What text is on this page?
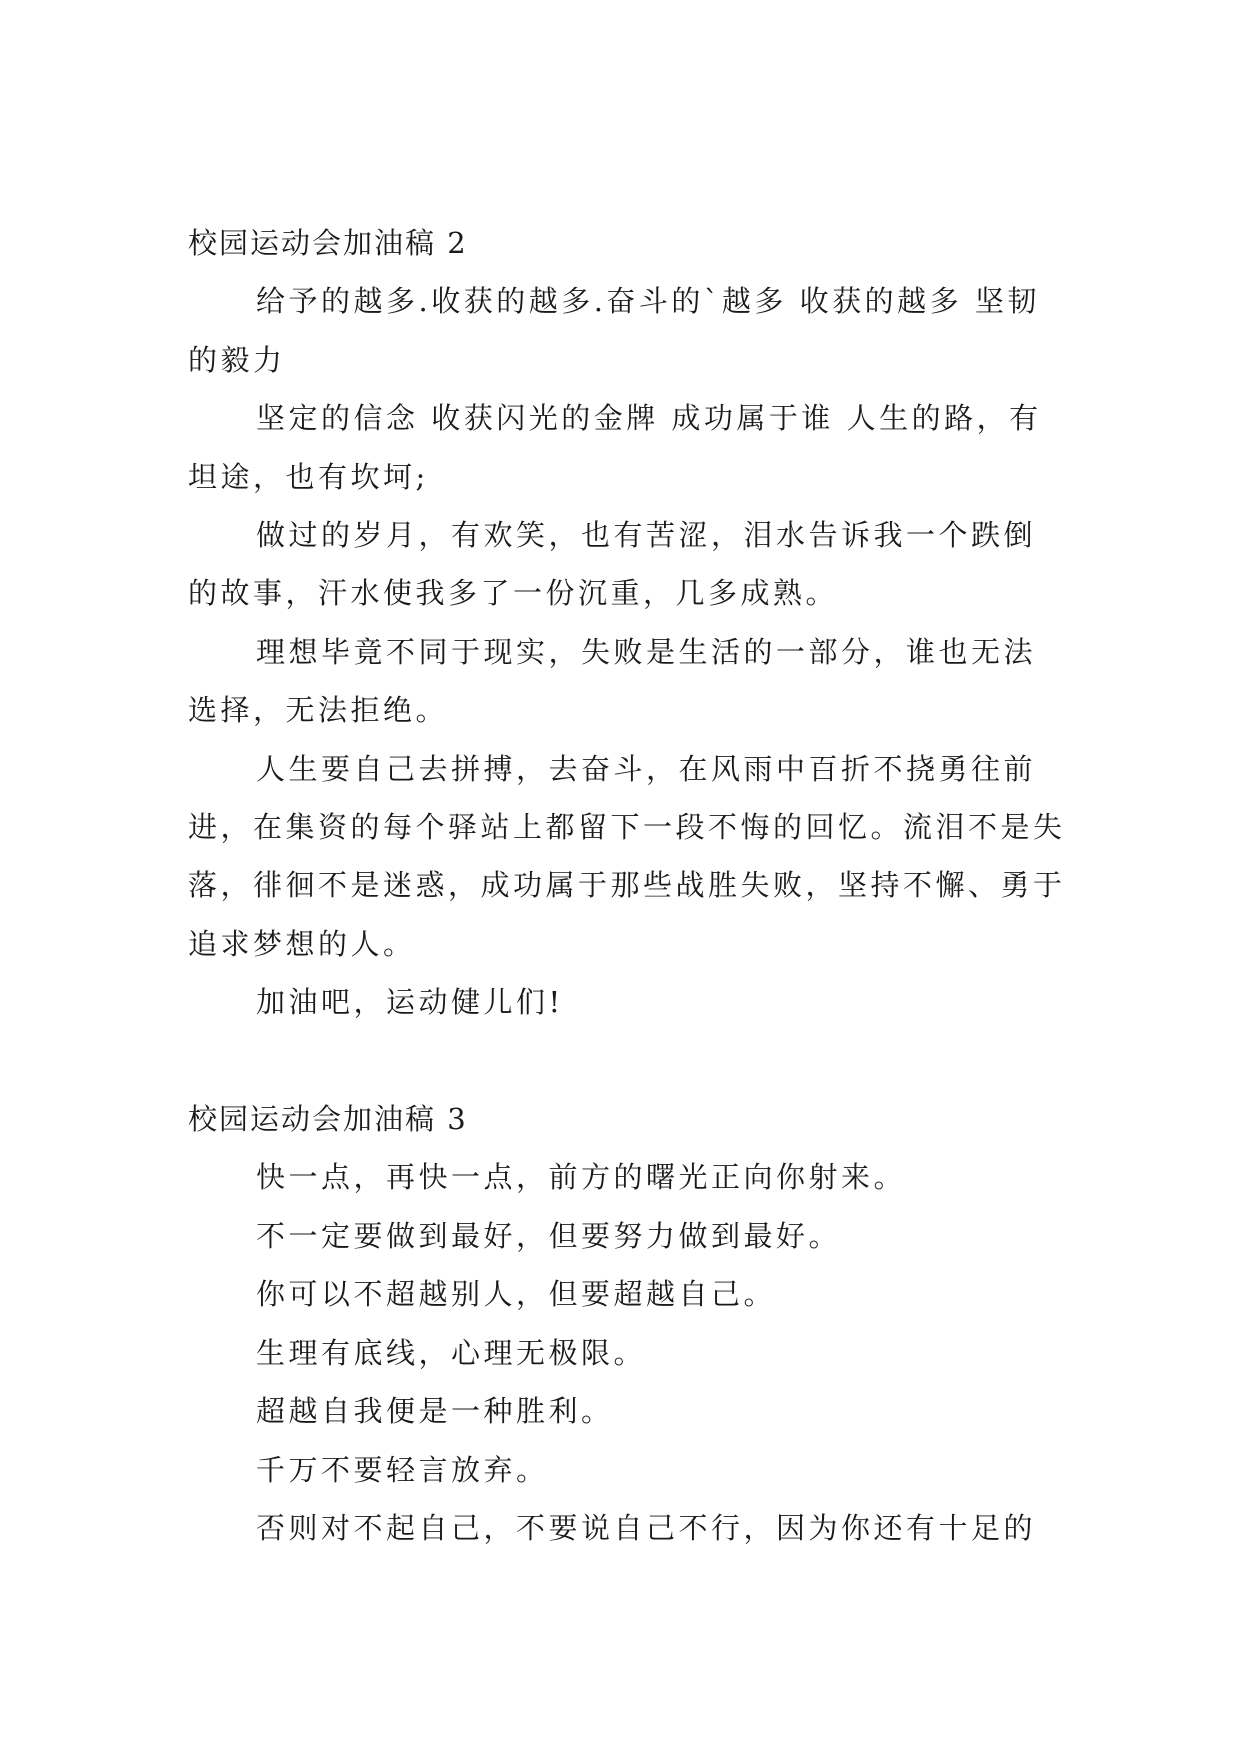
校园运动会加油稿 2

给予的越多.收获的越多.奋斗的`越多 收获的越多 坚韧的毅力

坚定的信念 收获闪光的金牌 成功属于谁 人生的路，有坦途，也有坎坷;

做过的岁月，有欢笑，也有苦涩，泪水告诉我一个跌倒的故事，汗水使我多了一份沉重，几多成熟。

理想毕竟不同于现实，失败是生活的一部分，谁也无法选择，无法拒绝。

人生要自己去拼搏，去奋斗，在风雨中百折不挠勇往前进，在集资的每个驿站上都留下一段不悔的回忆。流泪不是失落，徘徊不是迷惑，成功属于那些战胜失败，坚持不懈、勇于追求梦想的人。

加油吧，运动健儿们!

校园运动会加油稿 3

快一点，再快一点，前方的曙光正向你射来。

不一定要做到最好，但要努力做到最好。

你可以不超越别人，但要超越自己。

生理有底线，心理无极限。

超越自我便是一种胜利。

千万不要轻言放弃。

否则对不起自己，不要说自己不行，因为你还有十足的
